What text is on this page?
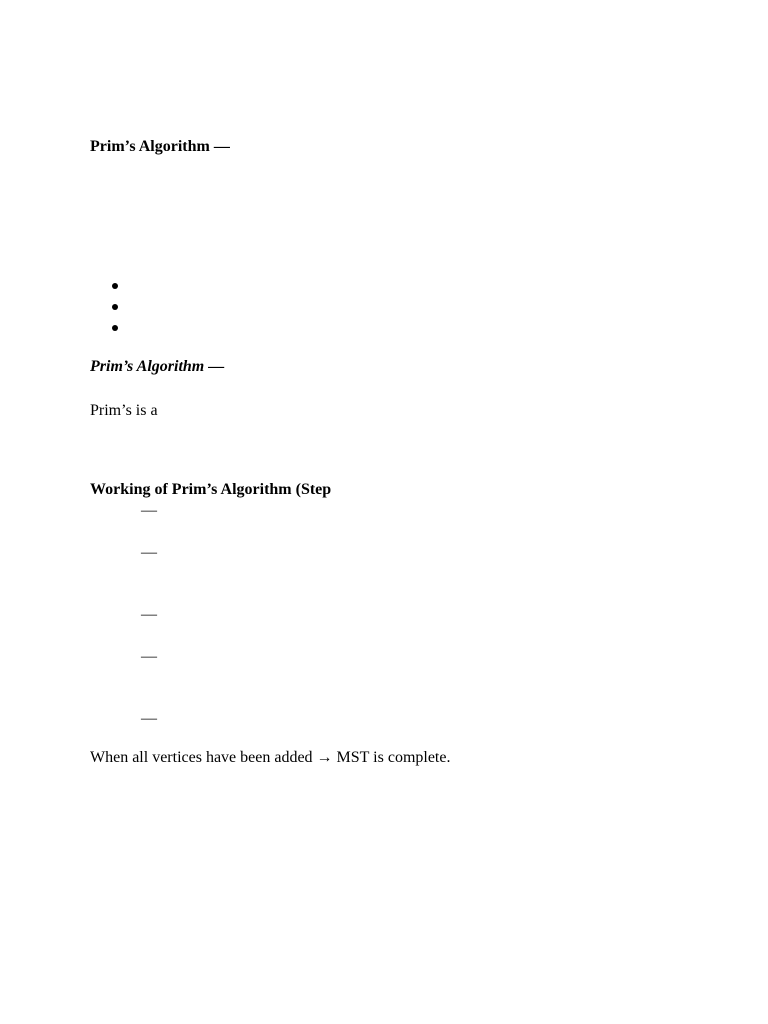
Prim’s Algorithm —
Prim’s Algorithm —
Prim’s is a
Working of Prim’s Algorithm (Step
—
—
—
—
—
When all vertices have been added → MST is complete.
